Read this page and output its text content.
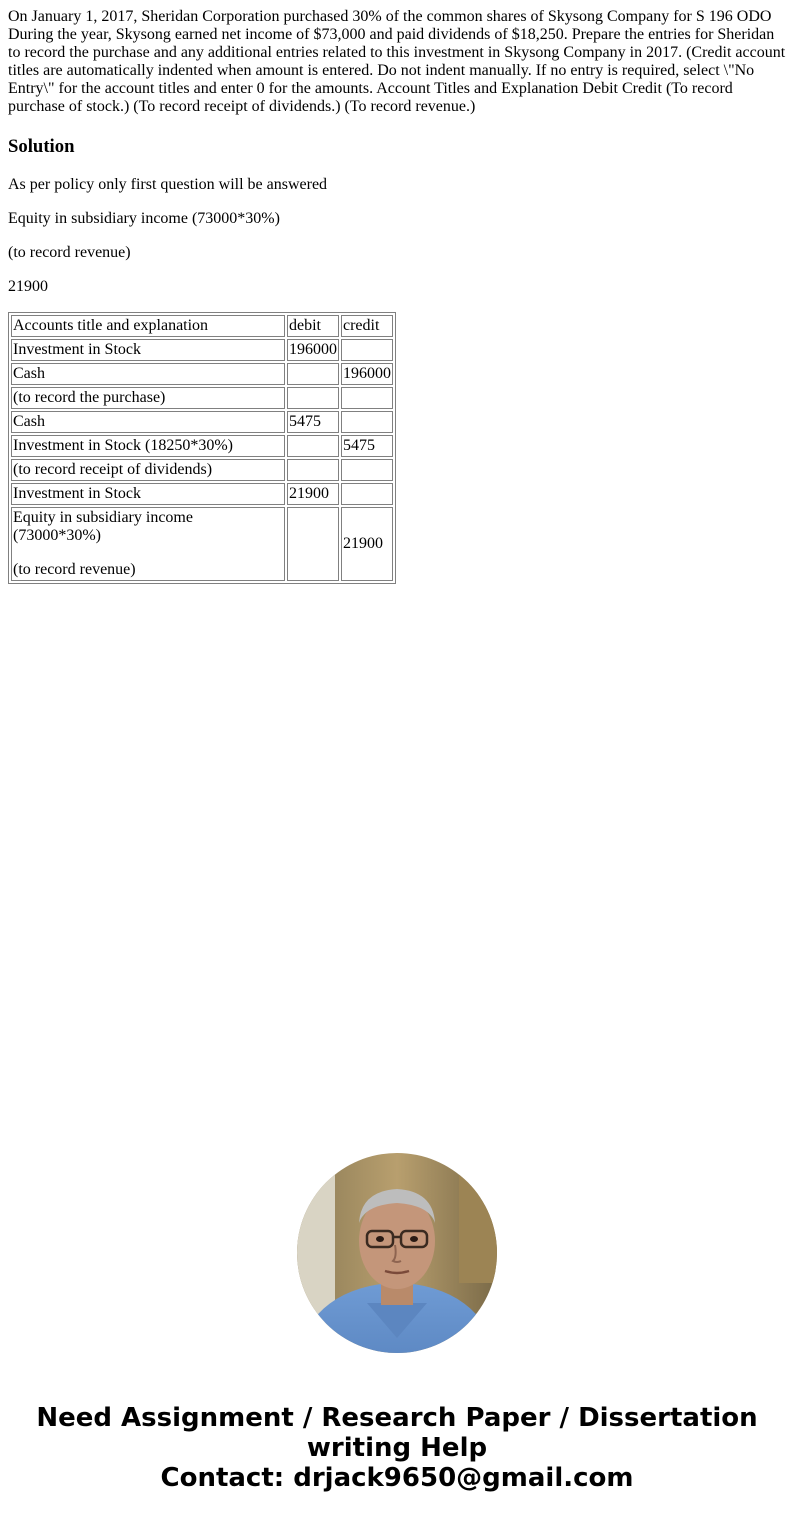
On January 1, 2017, Sheridan Corporation purchased 30% of the common shares of Skysong Company for S 196 ODO During the year, Skysong earned net income of $73,000 and paid dividends of $18,250. Prepare the entries for Sheridan to record the purchase and any additional entries related to this investment in Skysong Company in 2017. (Credit account titles are automatically indented when amount is entered. Do not indent manually. If no entry is required, select \"No Entry\" for the account titles and enter 0 for the amounts. Account Titles and Explanation Debit Credit (To record purchase of stock.) (To record receipt of dividends.) (To record revenue.)

Solution

As per policy only first question will be answered

Equity in subsidiary income (73000*30%)

(to record revenue)

21900

Accounts title and explanation	debit	credit
Investment in Stock	196000	
Cash		196000
(to record the purchase)		
Cash	5475	
Investment in Stock (18250*30%)		5475
(to record receipt of dividends)		
Investment in Stock	21900	
Equity in subsidiary income (73000*30%)
(to record revenue)		21900
Need Assignment / Research Paper / Dissertation
writing Help
Contact: drjack9650@gmail.com
